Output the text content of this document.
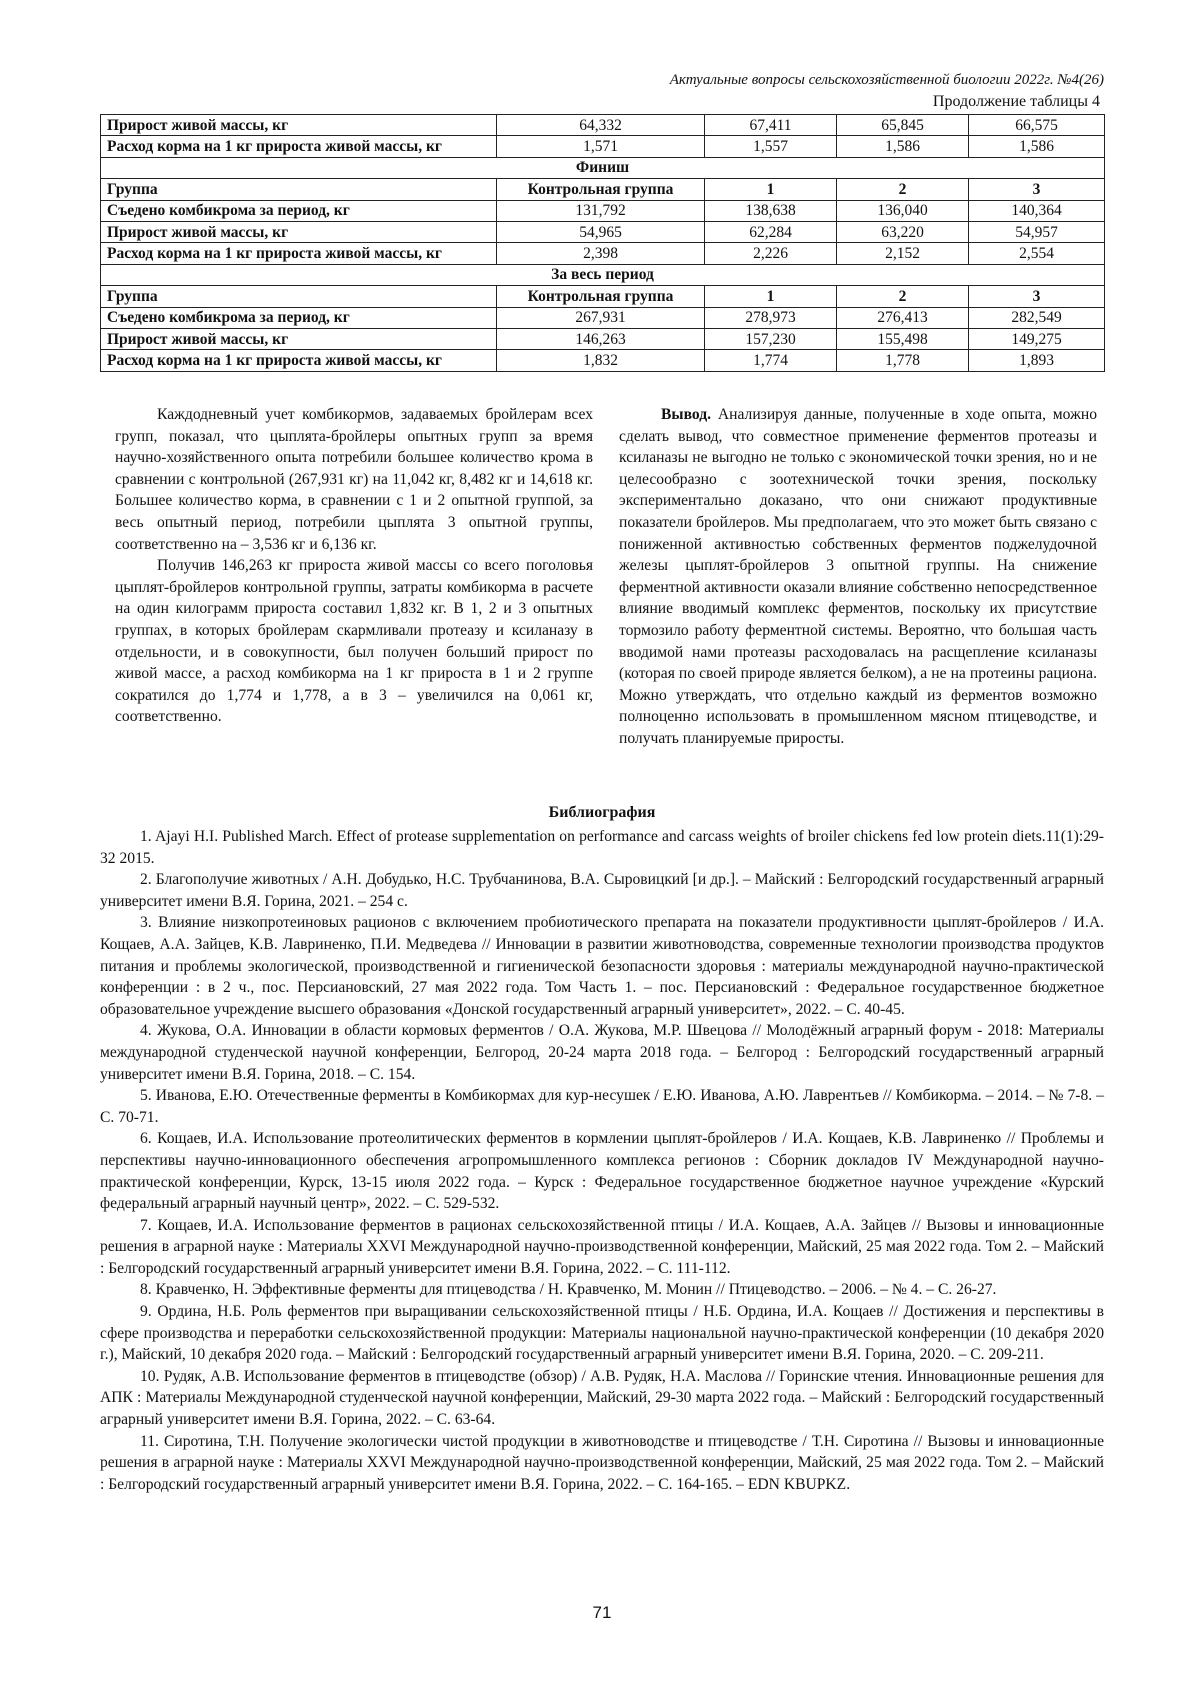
Актуальные вопросы сельскохозяйственной биологии 2022г. №4(26)
Продолжение таблицы 4
Прирост живой массы, кг	64,332	67,411	65,845	66,575
Расход корма на 1 кг прироста живой массы, кг	1,571	1,557	1,586	1,586
Финиш				
Группа	Контрольная группа	1	2	3
Съедено комбикрома за период, кг	131,792	138,638	136,040	140,364
Прирост живой массы, кг	54,965	62,284	63,220	54,957
Расход корма на 1 кг прироста живой массы, кг	2,398	2,226	2,152	2,554
За весь период				
Группа	Контрольная группа	1	2	3
Съедено комбикрома за период, кг	267,931	278,973	276,413	282,549
Прирост живой массы, кг	146,263	157,230	155,498	149,275
Расход корма на 1 кг прироста живой массы, кг	1,832	1,774	1,778	1,893

Каждодневный учет комбикормов, задаваемых бройлерам всех групп, показал, что цыплята-бройлеры опытных групп за время научно-хозяйственного опыта потребили большее количество крома в сравнении с контрольной (267,931 кг) на 11,042 кг, 8,482 кг и 14,618 кг. Большее количество корма, в сравнении с 1 и 2 опытной группой, за весь опытный период, потребили цыплята 3 опытной группы, соответственно на – 3,536 кг и 6,136 кг.

Получив 146,263 кг прироста живой массы со всего поголовья цыплят-бройлеров контрольной группы, затраты комбикорма в расчете на один килограмм прироста составил 1,832 кг. В 1, 2 и 3 опытных группах, в которых бройлерам скармливали протеазу и ксиланазу в отдельности, и в совокупности, был получен больший прирост по живой массе, а расход комбикорма на 1 кг прироста в 1 и 2 группе сократился до 1,774 и 1,778, а в 3 – увеличился на 0,061 кг, соответственно.

Вывод. Анализируя данные, полученные в ходе опыта, можно сделать вывод, что совместное применение ферментов протеазы и ксиланазы не выгодно не только с экономической точки зрения, но и не целесообразно с зоотехнической точки зрения, поскольку экспериментально доказано, что они снижают продуктивные показатели бройлеров. Мы предполагаем, что это может быть связано с пониженной активностью собственных ферментов поджелудочной железы цыплят-бройлеров 3 опытной группы. На снижение ферментной активности оказали влияние собственно непосредственное влияние вводимый комплекс ферментов, поскольку их присутствие тормозило работу ферментной системы. Вероятно, что большая часть вводимой нами протеазы расходовалась на расщепление ксиланазы (которая по своей природе является белком), а не на протеины рациона. Можно утверждать, что отдельно каждый из ферментов возможно полноценно использовать в промышленном мясном птицеводстве, и получать планируемые приросты.

Библиография

1. Ajayi H.I. Published March. Effect of protease supplementation on performance and carcass weights of broiler chickens fed low protein diets.11(1):29-32 2015.

2. Благополучие животных / А.Н. Добудько, Н.С. Трубчанинова, В.А. Сыровицкий [и др.]. – Майский : Белгородский государственный аграрный университет имени В.Я. Горина, 2021. – 254 с.

3. Влияние низкопротеиновых рационов с включением пробиотического препарата на показатели продуктивности цыплят-бройлеров / И.А. Кощаев, А.А. Зайцев, К.В. Лавриненко, П.И. Медведева // Инновации в развитии животноводства, современные технологии производства продуктов питания и проблемы экологической, производственной и гигиенической безопасности здоровья : материалы международной научно-практической конференции : в 2 ч., пос. Персиановский, 27 мая 2022 года. Том Часть 1. – пос. Персиановский : Федеральное государственное бюджетное образовательное учреждение высшего образования «Донской государственный аграрный университет», 2022. – С. 40-45.

4. Жукова, О.А. Инновации в области кормовых ферментов / О.А. Жукова, М.Р. Швецова // Молодёжный аграрный форум - 2018: Материалы международной студенческой научной конференции, Белгород, 20-24 марта 2018 года. – Белгород : Белгородский государственный аграрный университет имени В.Я. Горина, 2018. – С. 154.

5. Иванова, Е.Ю. Отечественные ферменты в Комбикормах для кур-несушек / Е.Ю. Иванова, А.Ю. Лаврентьев // Комбикорма. – 2014. – № 7-8. – С. 70-71.

6. Кощаев, И.А. Использование протеолитических ферментов в кормлении цыплят-бройлеров / И.А. Кощаев, К.В. Лавриненко // Проблемы и перспективы научно-инновационного обеспечения агропромышленного комплекса регионов : Сборник докладов IV Международной научно-практической конференции, Курск, 13-15 июля 2022 года. – Курск : Федеральное государственное бюджетное научное учреждение «Курский федеральный аграрный научный центр», 2022. – С. 529-532.

7. Кощаев, И.А. Использование ферментов в рационах сельскохозяйственной птицы / И.А. Кощаев, А.А. Зайцев // Вызовы и инновационные решения в аграрной науке : Материалы XXVI Международной научно-производственной конференции, Майский, 25 мая 2022 года. Том 2. – Майский : Белгородский государственный аграрный университет имени В.Я. Горина, 2022. – С. 111-112.

8. Кравченко, Н. Эффективные ферменты для птицеводства / Н. Кравченко, М. Монин // Птицеводство. – 2006. – № 4. – С. 26-27.

9. Ордина, Н.Б. Роль ферментов при выращивании сельскохозяйственной птицы / Н.Б. Ордина, И.А. Кощаев // Достижения и перспективы в сфере производства и переработки сельскохозяйственной продукции: Материалы национальной научно-практической конференции (10 декабря 2020 г.), Майский, 10 декабря 2020 года. – Майский : Белгородский государственный аграрный университет имени В.Я. Горина, 2020. – С. 209-211.

10. Рудяк, А.В. Использование ферментов в птицеводстве (обзор) / А.В. Рудяк, Н.А. Маслова // Горинские чтения. Инновационные решения для АПК : Материалы Международной студенческой научной конференции, Майский, 29-30 марта 2022 года. – Майский : Белгородский государственный аграрный университет имени В.Я. Горина, 2022. – С. 63-64.

11. Сиротина, Т.Н. Получение экологически чистой продукции в животноводстве и птицеводстве / Т.Н. Сиротина // Вызовы и инновационные решения в аграрной науке : Материалы XXVI Международной научно-производственной конференции, Майский, 25 мая 2022 года. Том 2. – Майский : Белгородский государственный аграрный университет имени В.Я. Горина, 2022. – С. 164-165. – EDN KBUPKZ.

71
